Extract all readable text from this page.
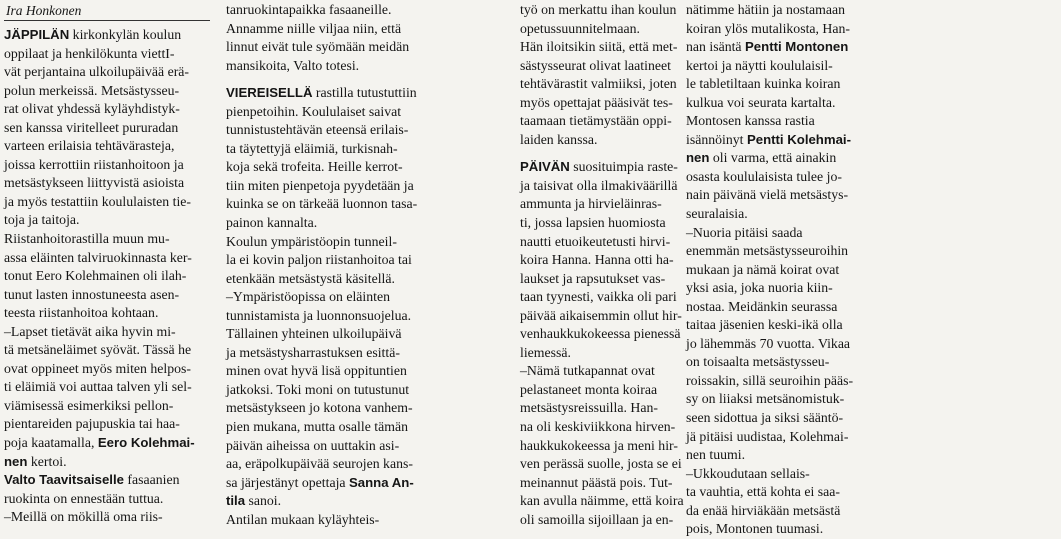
Ira Honkonen
JÄPPILÄN kirkonkylän koulun
oppilaat ja henkilökunta viettI-
vät perjantaina ulkoilupäivää erä-
polun merkeissä. Metsästysseu-
rat olivat yhdessä kyläyhdistyk-
sen kanssa viritelleet pururadan
varteen erilaisia tehtävärasteja,
joissa kerrottiin riistanhoitoon ja
metsästykseen liittyvistä asioista
ja myös testattiin koululaisten tie-
toja ja taitoja.
Riistanhoitorastilla muun mu-
assa eläinten talviruokinnasta ker-
tonut Eero Kolehmainen oli ilah-
tunut lasten innostuneesta asen-
teesta riistanhoitoa kohtaan.
–Lapset tietävät aika hyvin mi-
tä metsäneläimet syövät. Tässä he
ovat oppineet myös miten helpos-
ti eläimiä voi auttaa talven yli sel-
viämisessä esimerkiksi pellon-
pientareiden pajupuskia tai haa-
poja kaatamalla, Eero Kolehmai-
nen kertoi.
Valto Taavitsaiselle fasaanien
ruokinta on ennestään tuttua.
–Meillä on mökillä oma riis-
tanruokintapaikka fasaaneille.
Annamme niille viljaa niin, että
linnut eivät tule syömään meidän
mansikoita, Valto totesi.
VIEREISELLÄ rastilla tutustuttiin
pienpetoihin. Koululaiset saivat
tunnistustehtävän eteensä erilais-
ta täytettyjä eläimiä, turkisnah-
koja sekä trofeita. Heille kerrot-
tiin miten pienpetoja pyydetään ja
kuinka se on tärkeää luonnon tasa-
painon kannalta.
Koulun ympäristöopin tunneil-
la ei kovin paljon riistanhoitoa tai
etenkään metsästystä käsitellä.
–Ympäristöopissa on eläinten
tunnistamista ja luonnonsuojelua.
Tällainen yhteinen ulkoilupäivä
ja metsästysharrastuksen esittä-
minen ovat hyvä lisä oppituntien
jatkoksi. Toki moni on tutustunut
metsästykseen jo kotona vanhem-
pien mukana, mutta osalle tämän
päivän aiheissa on uuttakin asi-
aa, eräpolkupäivää seurojen kans-
sa järjestänyt opettaja Sanna An-
tila sanoi.
Antilan mukaan kyläyhteis-
työ on merkattu ihan koulun
opetussuunnitelmaan.
Hän iloitsikin siitä, että met-
sästysseurat olivat laatineet
tehtävärastit valmiiksi, joten
myös opettajat pääsivät tes-
taamaan tietämystään oppi-
laiden kanssa.
PÄIVÄN suosituimpia raste-
ja taisivat olla ilmakiväärillä
ammunta ja hirvieläinras-
ti, jossa lapsien huomiosta
nautti etuoikeutetusti hirvi-
koira Hanna. Hanna otti ha-
laukset ja rapsutukset vas-
taan tyynesti, vaikka oli pari
päivää aikaisemmin ollut hir-
venhaukkukokeessa pienessä
liemessä.
–Nämä tutkapannat ovat
pelastaneet monta koiraa
metsästysreissuilla. Han-
na oli keskiviikkona hirven-
haukkukokeessa ja meni hir-
ven perässä suolle, josta se ei
meinannut päästä pois. Tut-
kan avulla näimme, että koira
oli samoilla sijoillaan ja en-
nätimme hätiin ja nostamaan
koiran ylös mutalikosta, Han-
nan isäntä Pentti Montonen
kertoi ja näytti koululaisil-
le tabletiltaan kuinka koiran
kulkua voi seurata kartalta.
Montosen kanssa rastia
isännöinyt Pentti Kolehmai-
nen oli varma, että ainakin
osasta koululaisista tulee jo-
nain päivänä vielä metsästys-
seuralaisia.
–Nuoria pitäisi saada
enemmän metsästysseuroihin
mukaan ja nämä koirat ovat
yksi asia, joka nuoria kiin-
nostaa. Meidänkin seurassa
taitaa jäsenien keski-ikä olla
jo lähemmäs 70 vuotta. Vikaa
on toisaalta metsästysseu-
roissakin, sillä seuroihin pääs-
sy on liiaksi metsänomistuk-
seen sidottua ja siksi sääntö-
jä pitäisi uudistaa, Kolehmai-
nen tuumi.
–Ukkoudutaan sellais-
ta vauhtia, että kohta ei saa-
da enää hirviäkään metsästä
pois, Montonen tuumasi.
